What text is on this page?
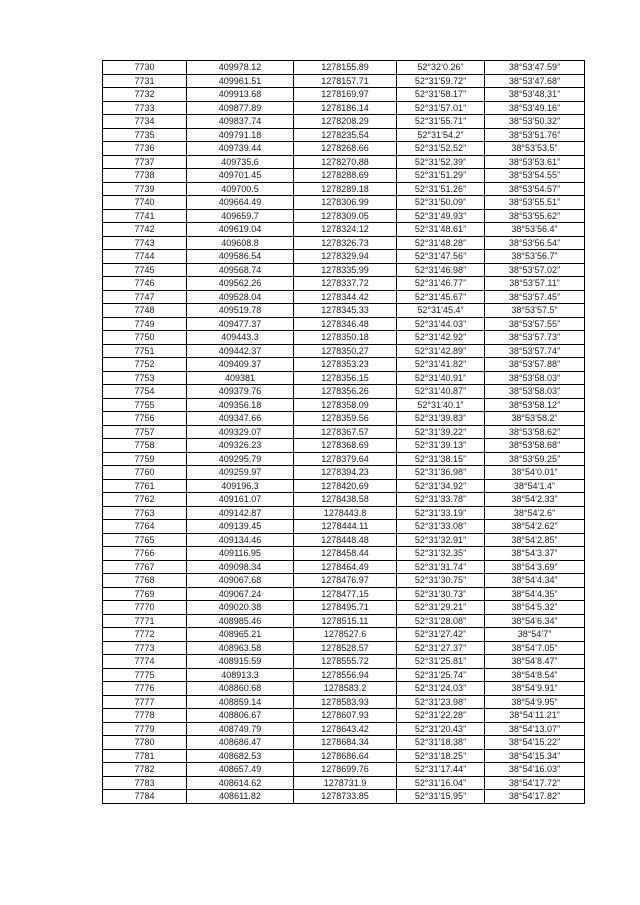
7730	409978.12	1278155.89	52°32’0.26”	38°53’47.59”
7731	409961.51	1278157.71	52°31’59.72”	38°53’47.68”
7732	409913.68	1278169.97	52°31’58.17”	38°53’48.31”
7733	409877.89	1278186.14	52°31’57.01”	38°53’49.16”
7734	409837.74	1278208.29	52°31’55.71”	38°53’50.32”
7735	409791.18	1278235.54	52°31’54.2”	38°53’51.76”
7736	409739.44	1278268.66	52°31’52.52”	38°53’53.5”
7737	409735.6	1278270.88	52°31’52.39”	38°53’53.61”
7738	409701.45	1278288.69	52°31’51.29”	38°53’54.55”
7739	409700.5	1278289.18	52°31’51.26”	38°53’54.57”
7740	409664.49	1278306.99	52°31’50.09”	38°53’55.51”
7741	409659.7	1278309.05	52°31’49.93”	38°53’55.62”
7742	409619.04	1278324.12	52°31’48.61”	38°53’56.4”
7743	409608.8	1278326.73	52°31’48.28”	38°53’56.54”
7744	409586.54	1278329.94	52°31’47.56”	38°53’56.7”
7745	409568.74	1278335.99	52°31’46.98”	38°53’57.02”
7746	409562.26	1278337.72	52°31’46.77”	38°53’57.11”
7747	409528.04	1278344.42	52°31’45.67”	38°53’57.45”
7748	409519.78	1278345.33	52°31’45.4”	38°53’57.5”
7749	409477.37	1278346.48	52°31’44.03”	38°53’57.55”
7750	409443.3	1278350.18	52°31’42.92”	38°53’57.73”
7751	409442.37	1278350.27	52°31’42.89”	38°53’57.74”
7752	409409.37	1278353.23	52°31’41.82”	38°53’57.88”
7753	409381	1278356.15	52°31’40.91”	38°53’58.03”
7754	409379.76	1278356.26	52°31’40.87”	38°53’58.03”
7755	409356.18	1278358.09	52°31’40.1”	38°53’58.12”
7756	409347.66	1278359.56	52°31’39.83”	38°53’58.2”
7757	409329.07	1278367.57	52°31’39.22”	38°53’58.62”
7758	409326.23	1278368.69	52°31’39.13”	38°53’58.68”
7759	409295.79	1278379.64	52°31’38.15”	38°53’59.25”
7760	409259.97	1278394.23	52°31’36.98”	38°54’0.01”
7761	409196.3	1278420.69	52°31’34.92”	38°54’1.4”
7762	409161.07	1278438.58	52°31’33.78”	38°54’2.33”
7763	409142.87	1278443.8	52°31’33.19”	38°54’2.6”
7764	409139.45	1278444.11	52°31’33.08”	38°54’2.62”
7765	409134.46	1278448.48	52°31’32.91”	38°54’2.85”
7766	409116.95	1278458.44	52°31’32.35”	38°54’3.37”
7767	409098.34	1278464.49	52°31’31.74”	38°54’3.69”
7768	409067.68	1278476.97	52°31’30.75”	38°54’4.34”
7769	409067.24	1278477.15	52°31’30.73”	38°54’4.35”
7770	409020.38	1278495.71	52°31’29.21”	38°54’5.32”
7771	408985.46	1278515.11	52°31’28.08”	38°54’6.34”
7772	408965.21	1278527.6	52°31’27.42”	38°54’7”
7773	408963.58	1278528.57	52°31’27.37”	38°54’7.05”
7774	408915.59	1278555.72	52°31’25.81”	38°54’8.47”
7775	408913.3	1278556.94	52°31’25.74”	38°54’8.54”
7776	408860.68	1278583.2	52°31’24.03”	38°54’9.91”
7777	408859.14	1278583.93	52°31’23.98”	38°54’9.95”
7778	408806.67	1278607.93	52°31’22.28”	38°54’11.21”
7779	408749.79	1278643.42	52°31’20.43”	38°54’13.07”
7780	408686.47	1278684.34	52°31’18.38”	38°54’15.22”
7781	408682.53	1278686.64	52°31’18.25”	38°54’15.34”
7782	408657.49	1278699.76	52°31’17.44”	38°54’16.03”
7783	408614.62	1278731.9	52°31’16.04”	38°54’17.72”
7784	408611.82	1278733.85	52°31’15.95”	38°54’17.82”
